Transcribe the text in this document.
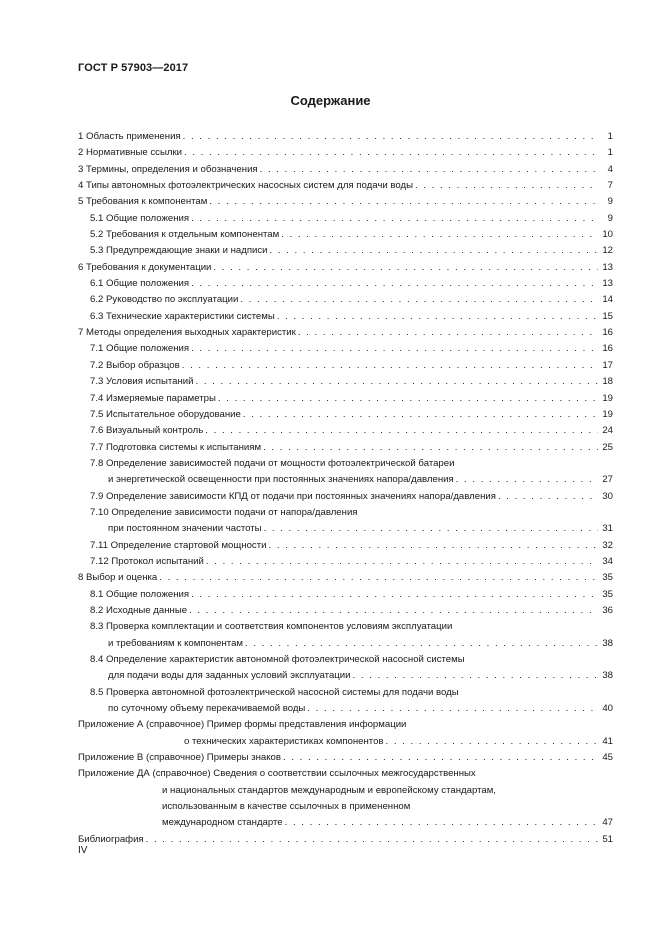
ГОСТ Р 57903—2017
Содержание
1 Область применения . . .	1
2 Нормативные ссылки . . .	1
3 Термины, определения и обозначения . . .	4
4 Типы автономных фотоэлектрических насосных систем для подачи воды . . .	7
5 Требования к компонентам . . .	9
5.1 Общие положения . . .	9
5.2 Требования к отдельным компонентам . . .	10
5.3 Предупреждающие знаки и надписи . . .	12
6 Требования к документации . . .	13
6.1 Общие положения . . .	13
6.2 Руководство по эксплуатации . . .	14
6.3 Технические характеристики системы . . .	15
7 Методы определения выходных характеристик . . .	16
7.1 Общие положения . . .	16
7.2 Выбор образцов . . .	17
7.3 Условия испытаний . . .	18
7.4 Измеряемые параметры . . .	19
7.5 Испытательное оборудование . . .	19
7.6 Визуальный контроль . . .	24
7.7 Подготовка системы к испытаниям . . .	25
7.8 Определение зависимостей подачи от мощности фотоэлектрической батареи
и энергетической освещенности при постоянных значениях напора/давления . . .	27
7.9 Определение зависимости КПД от подачи при постоянных значениях напора/давления . . .	30
7.10 Определение зависимости подачи от напора/давления
при постоянном значении частоты . . .	31
7.11 Определение стартовой мощности . . .	32
7.12 Протокол испытаний . . .	34
8 Выбор и оценка . . .	35
8.1 Общие положения . . .	35
8.2 Исходные данные . . .	36
8.3 Проверка комплектации и соответствия компонентов условиям эксплуатации
и требованиям к компонентам . . .	38
8.4 Определение характеристик автономной фотоэлектрической насосной системы
для подачи воды для заданных условий эксплуатации . . .	38
8.5 Проверка автономной фотоэлектрической насосной системы для подачи воды
по суточному объему перекачиваемой воды . . .	40
Приложение А (справочное) Пример формы представления информации
о технических характеристиках компонентов . . .	41
Приложение В (справочное) Примеры знаков . . .	45
Приложение ДА (справочное) Сведения о соответствии ссылочных межгосударственных
и национальных стандартов международным и европейскому стандартам,
использованным в качестве ссылочных в примененном
международном стандарте . . .	47
Библиография . . .	51
IV
